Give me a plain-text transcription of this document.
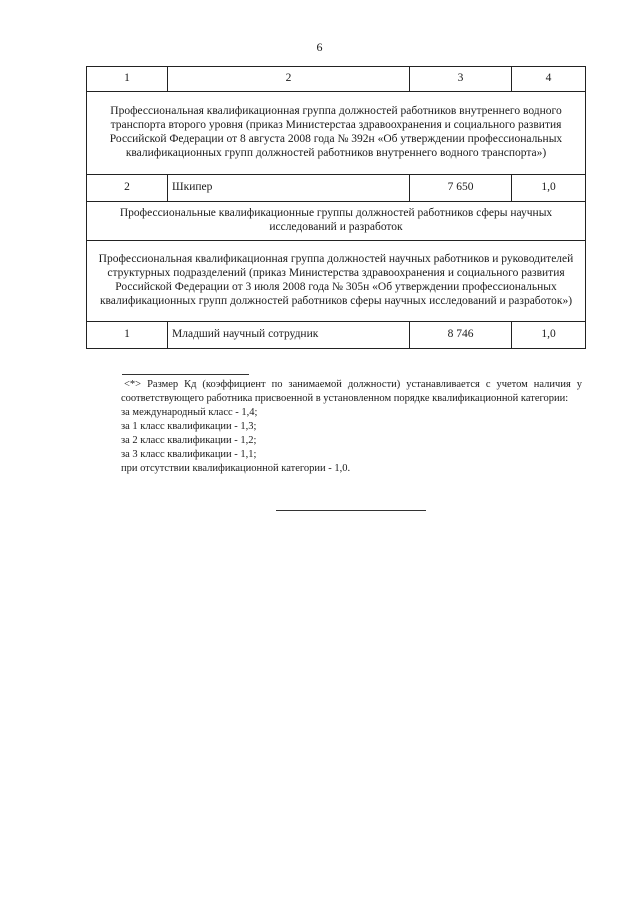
6
1	2	3	4
Профессиональная квалификационная группа должностей работников внутреннего водного транспорта второго уровня (приказ Министерстаа здравоохранения и социального развития Российской Федерации от 8 августа 2008 года № 392н «Об утверждении профессиональных квалификационных групп должностей работников внутреннего водного транспорта»)			
2	Шкипер	7 650	1,0
Профессиональные квалификационные группы должностей работников сферы научных исследований и разработок			
Профессиональная квалификационная группа должностей научных работников и руководителей структурных подразделений (приказ Министерства здравоохранения и социального развития Российской Федерации от 3 июля 2008 года № 305н «Об утверждении профессиональных квалификационных групп должностей работников сферы научных исследований и разработок»)			
1	Младший научный сотрудник	8 746	1,0

<*> Размер Кд (коэффициент по занимаемой должности) устанавливается с учетом наличия у соответствующего работника присвоенной в установленном порядке квалификационной категории:

за международный класс - 1,4;

за 1 класс квалификации - 1,3;

за 2 класс квалификации - 1,2;

за 3 класс квалификации - 1,1;

при отсутствии квалификационной категории - 1,0.
